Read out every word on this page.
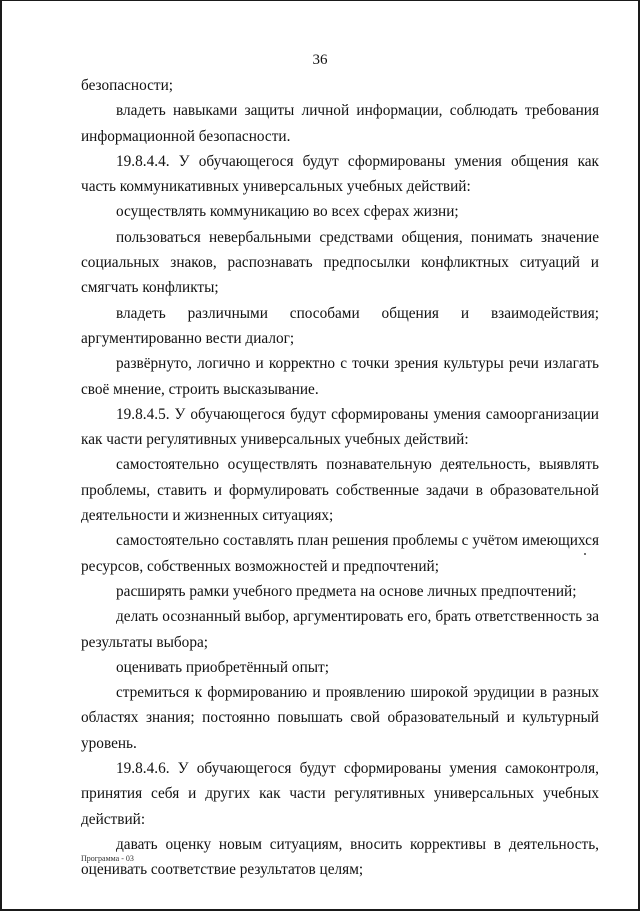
36

безопасности;

владеть навыками защиты личной информации, соблюдать требования информационной безопасности.

19.8.4.4. У обучающегося будут сформированы умения общения как часть коммуникативных универсальных учебных действий:

осуществлять коммуникацию во всех сферах жизни;

пользоваться невербальными средствами общения, понимать значение социальных знаков, распознавать предпосылки конфликтных ситуаций и смягчать конфликты;

владеть различными способами общения и взаимодействия; аргументированно вести диалог;

развёрнуто, логично и корректно с точки зрения культуры речи излагать своё мнение, строить высказывание.

19.8.4.5. У обучающегося будут сформированы умения самоорганизации как части регулятивных универсальных учебных действий:

самостоятельно осуществлять познавательную деятельность, выявлять проблемы, ставить и формулировать собственные задачи в образовательной деятельности и жизненных ситуациях;

самостоятельно составлять план решения проблемы с учётом имеющихся ресурсов, собственных возможностей и предпочтений;

расширять рамки учебного предмета на основе личных предпочтений;

делать осознанный выбор, аргументировать его, брать ответственность за результаты выбора;

оценивать приобретённый опыт;

стремиться к формированию и проявлению широкой эрудиции в разных областях знания; постоянно повышать свой образовательный и культурный уровень.

19.8.4.6. У обучающегося будут сформированы умения самоконтроля, принятия себя и других как части регулятивных универсальных учебных действий:

давать оценку новым ситуациям, вносить коррективы в деятельность, оценивать соответствие результатов целям;

Программа - 03
